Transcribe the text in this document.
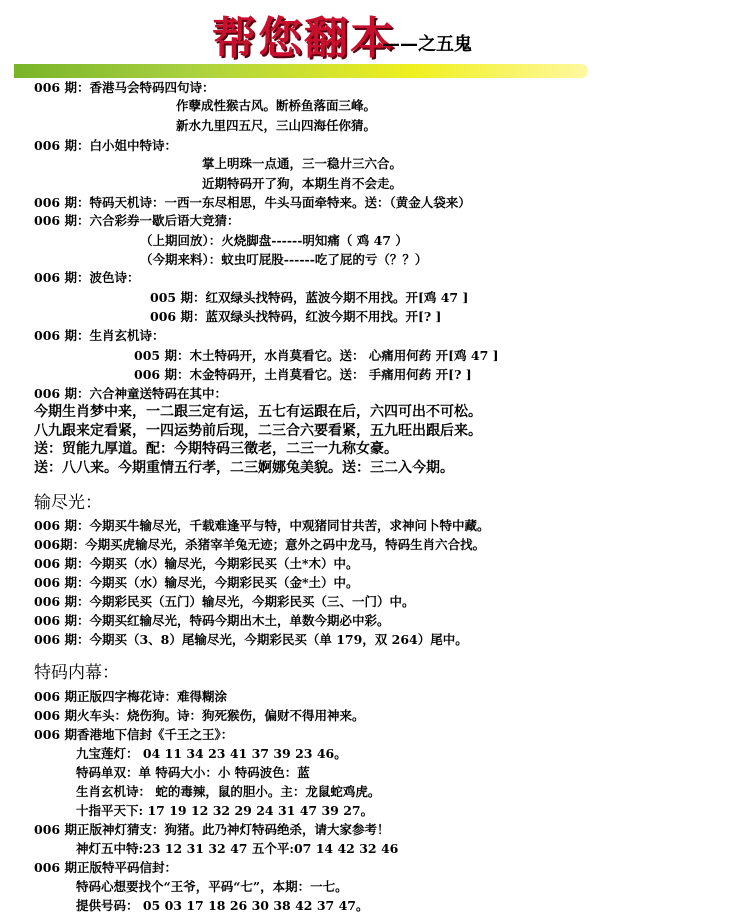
帮您翻本
——之五鬼
006 期：香港马会特码四句诗：
作孽成性猴古风。断桥鱼落面三峰。
新水九里四五尺，三山四海任你猜。
006 期：白小姐中特诗：
掌上明珠一点通，三一稳廾三六合。
近期特码开了狗，本期生肖不会走。
006 期：特码天机诗：一西一东尽相思，牛头马面牵特来。送：（黄金人袋来）
006 期：六合彩券一歇后语大竞猜：
（上期回放）：火烧脚盘------明知痛（ 鸡 47 ）
（今期来料）：蚊虫叮屁股------吃了屁的亏（？？）
006 期：波色诗：
005 期：红双绿头找特码，蓝波今期不用找。开[鸡 47 ]
006 期：蓝双绿头找特码，红波今期不用找。开[? ]
006 期：生肖玄机诗：
005 期：木土特码开，水肖莫看它。送： 心痛用何药 开[鸡 47 ]
006 期：木金特码开，土肖莫看它。送： 手痛用何药 开[? ]
006 期：六合神童送特码在其中：
今期生肖梦中来，一二跟三定有运，五七有运跟在后，六四可出不可松。
八九跟来定看紧，一四运势前后现，二三合六要看紧，五九旺出跟后来。
送：贸能九厚道。配：今期特码三徵老，二三一九称女豪。
送：八八来。今期重情五行孝，二三婀娜兔美貌。送：三二入今期。
输尽光：
006 期：今期买牛输尽光，千载难逢平与特，中观猪同甘共苦，求神问卜特中藏。
006期：今期买虎输尽光，杀猪宰羊兔无迹；意外之码中龙马，特码生肖六合找。
006 期：今期买（水）输尽光，今期彩民买（土*木）中。
006 期：今期买（水）输尽光，今期彩民买（金*土）中。
006 期：今期彩民买（五门）输尽光，今期彩民买（三、一门）中。
006 期：今期买红输尽光，特码今期出木土，单数今期必中彩。
006 期：今期买（3、8）尾输尽光，今期彩民买（单 179，双 264）尾中。
特码内幕：
006 期正版四字梅花诗：难得糊涂
006 期火车头：烧伤狗。诗：狗死猴伤，偏财不得用神来。
006 期香港地下信封《千王之王》：
九宝莲灯： 04 11 34 23 41 37 39 23 46。
特码单双：单 特码大小：小 特码波色：蓝
生肖玄机诗： 蛇的毒辣，鼠的胆小。主：龙鼠蛇鸡虎。
十指平天下: 17 19 12 32 29 24 31 47 39 27。
006 期正版神灯猜支：狗猪。此乃神灯特码绝杀，请大家参考！
神灯五中特:23 12 31 32 47 五个平:07 14 42 32 46
006 期正版特平码信封：
特码心想要找个“王爷，平码“七”，本期：一七。
提供号码： 05 03 17 18 26 30 38 42 37 47。
